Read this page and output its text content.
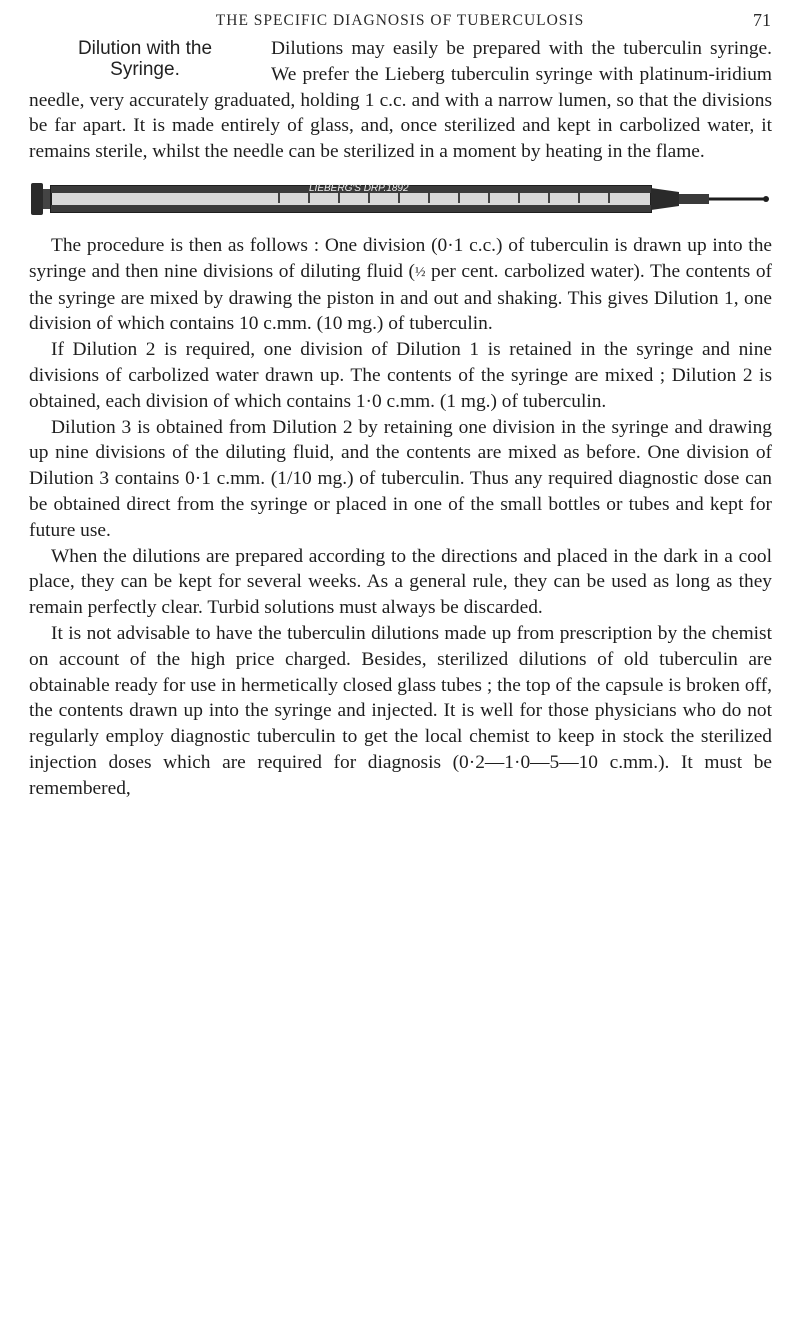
THE SPECIFIC DIAGNOSIS OF TUBERCULOSIS	71

Dilution with the
Syringe.
Dilutions may easily be prepared with the tuberculin syringe. We prefer the Lieberg tuberculin syringe with platinum-iridium needle, very accurately graduated, holding 1 c.c. and with a narrow lumen, so that the divisions be far apart. It is made entirely of glass, and, once sterilized and kept in carbolized water, it remains sterile, whilst the needle can be sterilized in a moment by heating in the flame.

LIEBERG'S DRP.1892

The procedure is then as follows : One division (0·1 c.c.) of tuberculin is drawn up into the syringe and then nine divisions of diluting fluid (½ per cent. carbolized water). The contents of the syringe are mixed by drawing the piston in and out and shaking. This gives Dilution 1, one division of which contains 10 c.mm. (10 mg.) of tuberculin.

If Dilution 2 is required, one division of Dilution 1 is retained in the syringe and nine divisions of carbolized water drawn up. The contents of the syringe are mixed ; Dilution 2 is obtained, each division of which contains 1·0 c.mm. (1 mg.) of tuberculin.

Dilution 3 is obtained from Dilution 2 by retaining one division in the syringe and drawing up nine divisions of the diluting fluid, and the contents are mixed as before. One division of Dilution 3 contains 0·1 c.mm. (1/10 mg.) of tuberculin. Thus any required diagnostic dose can be obtained direct from the syringe or placed in one of the small bottles or tubes and kept for future use.

When the dilutions are prepared according to the directions and placed in the dark in a cool place, they can be kept for several weeks. As a general rule, they can be used as long as they remain perfectly clear. Turbid solutions must always be discarded.

It is not advisable to have the tuberculin dilutions made up from prescription by the chemist on account of the high price charged. Besides, sterilized dilutions of old tuberculin are obtainable ready for use in hermetically closed glass tubes ; the top of the capsule is broken off, the contents drawn up into the syringe and injected. It is well for those physicians who do not regularly employ diagnostic tuberculin to get the local chemist to keep in stock the sterilized injection doses which are required for diagnosis (0·2—1·0—5—10 c.mm.). It must be remembered,
